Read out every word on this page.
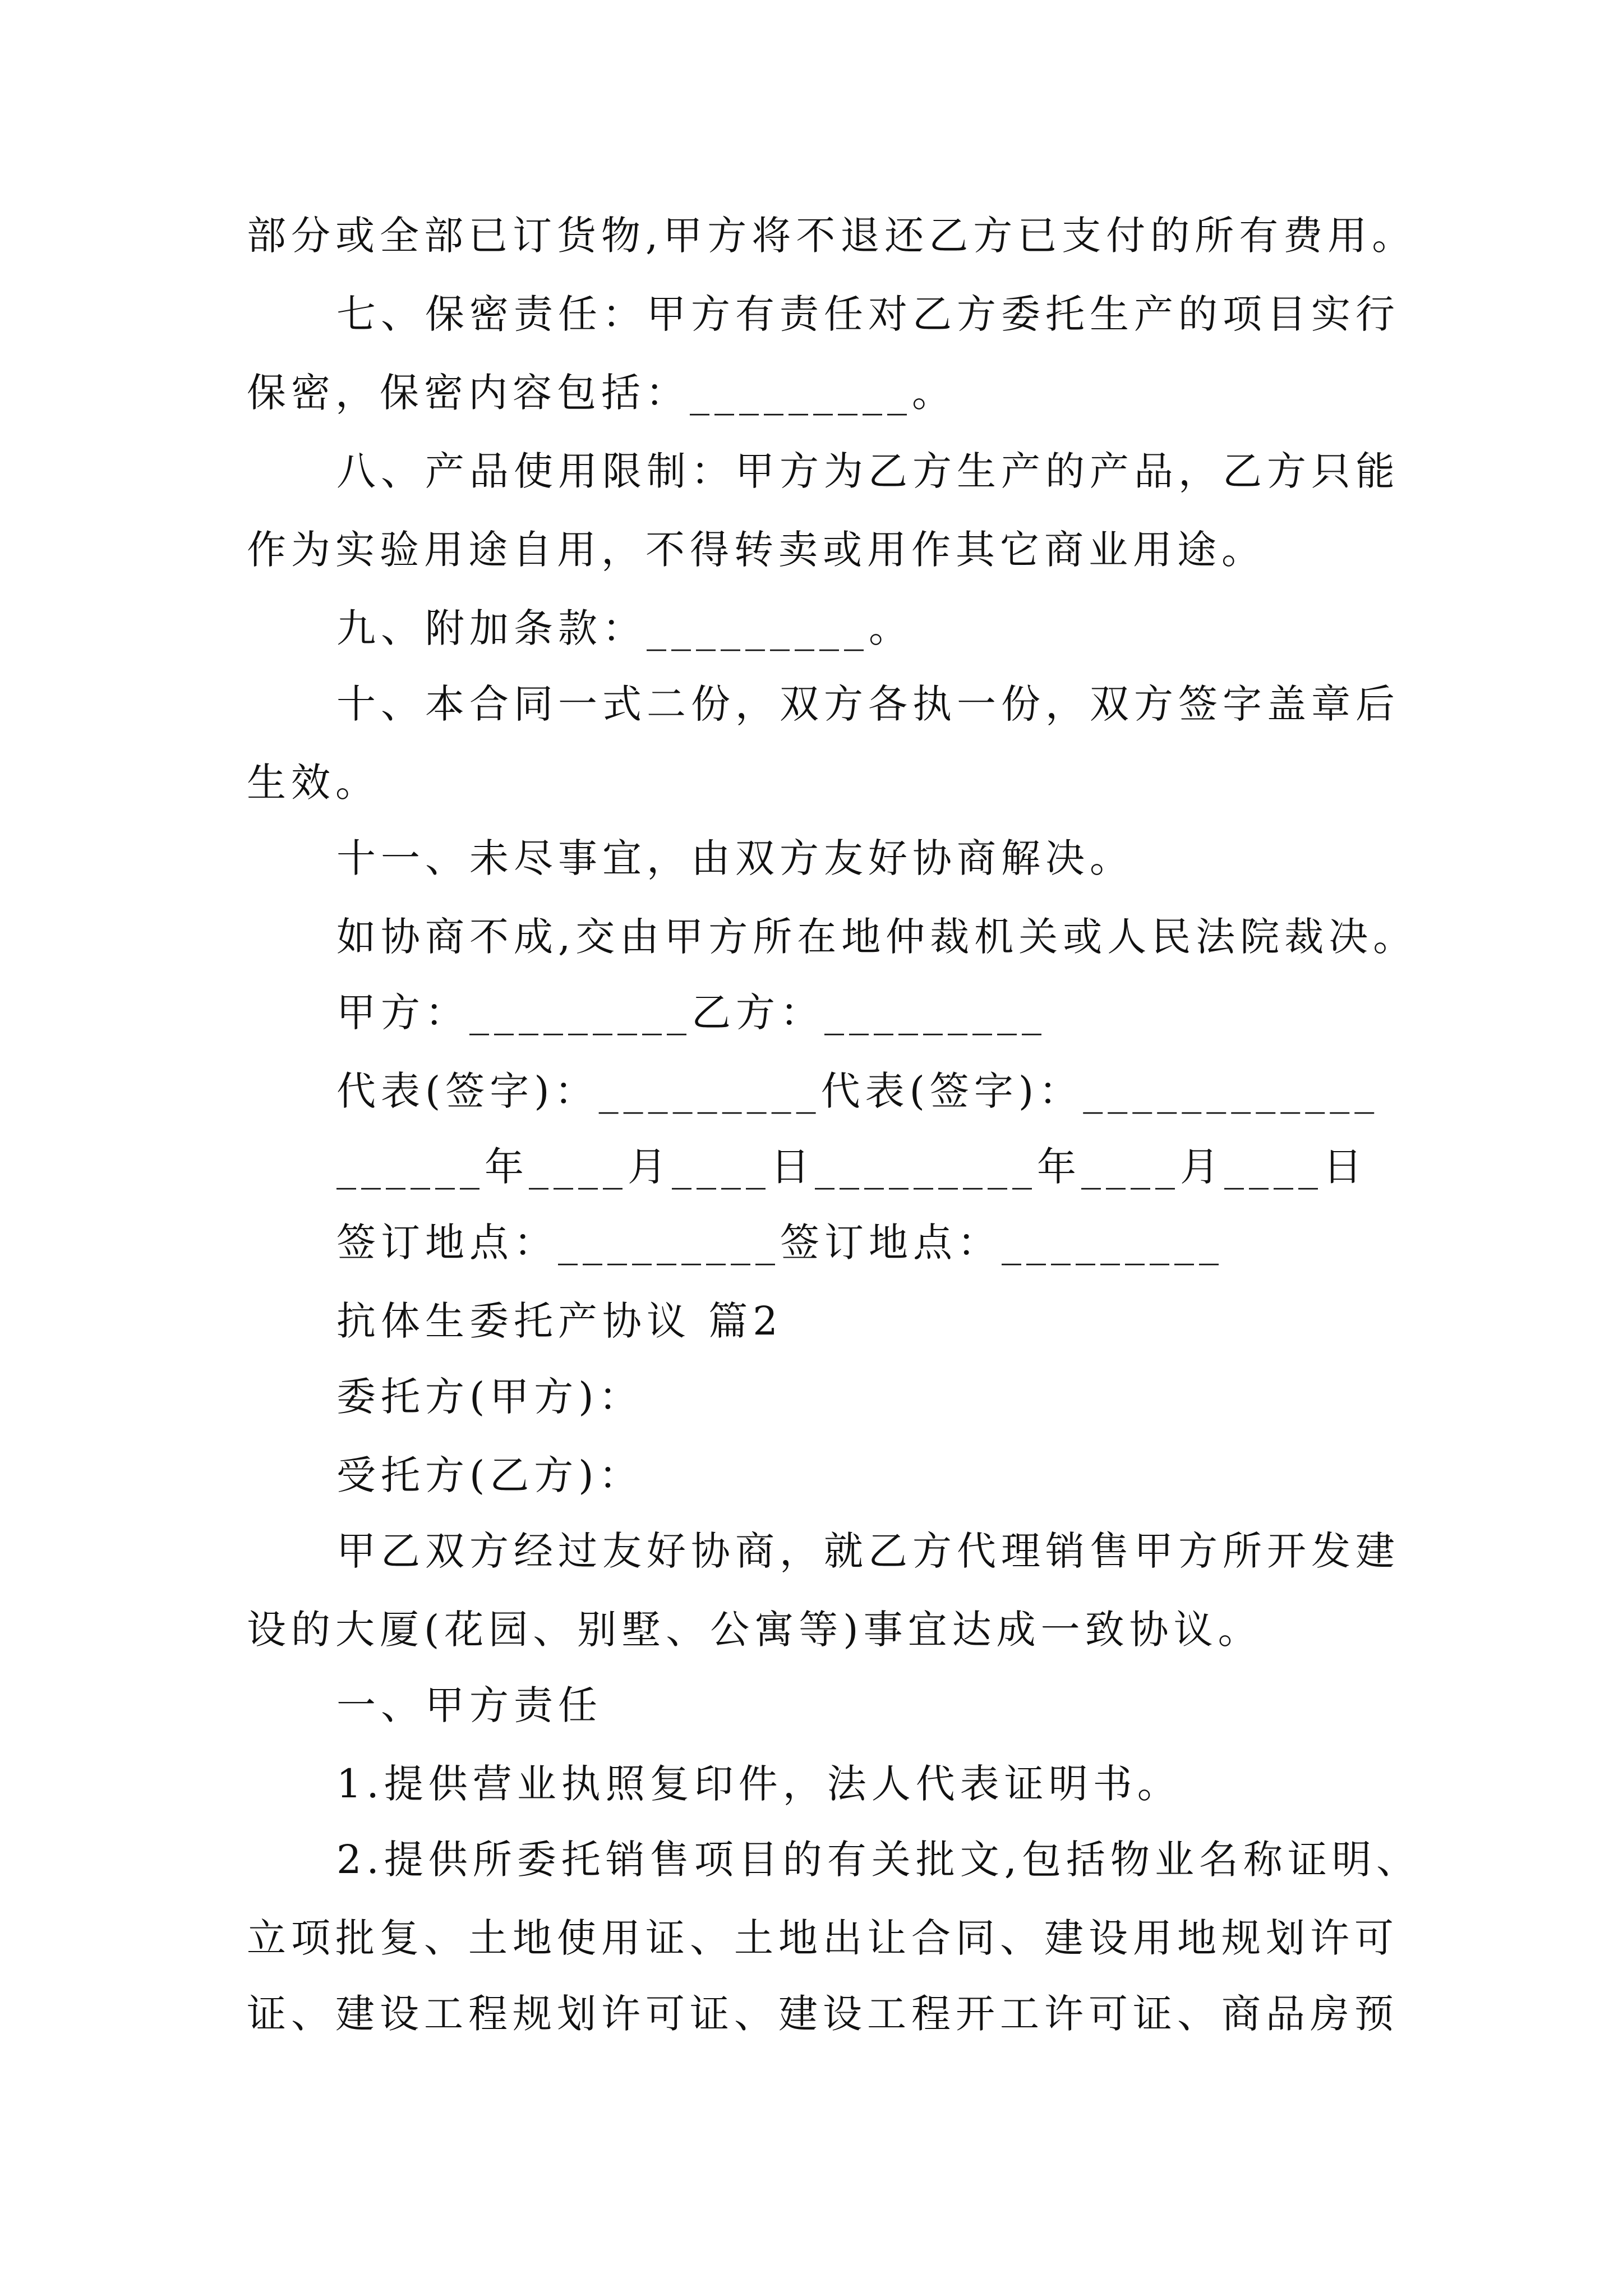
部分或全部已订货物,甲方将不退还乙方已支付的所有费用。
七、保密责任：甲方有责任对乙方委托生产的项目实行
保密，保密内容包括：_________。
八、产品使用限制：甲方为乙方生产的产品，乙方只能
作为实验用途自用，不得转卖或用作其它商业用途。
九、附加条款：_________。
十、本合同一式二份，双方各执一份，双方签字盖章后
生效。
十一、未尽事宜，由双方友好协商解决。
如协商不成,交由甲方所在地仲裁机关或人民法院裁决。
甲方：_________乙方：_________
代表(签字)：_________代表(签字)：____________
______年____月____日_________年____月____日
签订地点：_________签订地点：_________
抗体生委托产协议 篇2
委托方(甲方)：
受托方(乙方)：
甲乙双方经过友好协商，就乙方代理销售甲方所开发建
设的大厦(花园、别墅、公寓等)事宜达成一致协议。
一、甲方责任
1.提供营业执照复印件，法人代表证明书。
2.提供所委托销售项目的有关批文,包括物业名称证明、
立项批复、土地使用证、土地出让合同、建设用地规划许可
证、建设工程规划许可证、建设工程开工许可证、商品房预
